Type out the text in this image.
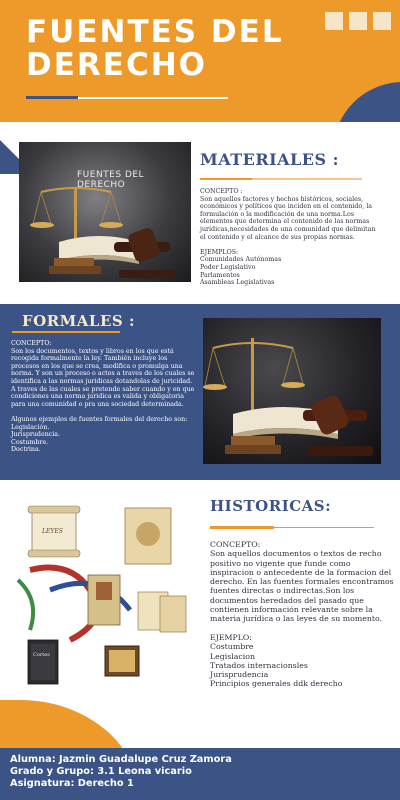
FUENTES DEL
DERECHO
FUENTES DEL DERECHO
MATERIALES :

CONCEPTO :
Son aquellos factores y hechos históricos, sociales, económicos y políticos que inciden en el contenido, la formulación o la modificación de una norma.Los elementos que determina el contenido de las normas jurídicas,necesidades de una comunidad que delimitan el contenido y el alcance de sus propias normas.

EJEMPLOS:
Comunidades Autónomas
Poder Legislativo
Parlamentos
Asambleas Legislativas

FORMALES :

CONCEPTO:
Son los documentos, textos y libros en los que está recogida formalmente la ley. También incluye los procesos en los que se crea, modifica o promulga una norma. Y son un proceso o actos a traves de los cuales se identifica a las normas juridicas dotandolas de juricidad. A traves de las cuales se pretende saber cuando y en que condiciones una norma juridica es valida y obligatoria para una comunidad o pra una sociedad determinada.

Algunos ejemplos de fuentes formales del derecho son:
Legislación.
Jurisprudencia.
Costumbre.
Doctrina.

LEYES
Cortes
HISTORICAS:

CONCEPTO:
Son aquellos documentos o textos de recho positivo no vigente que funde como inspiracion o antecedente de la formacion del derecho. En las fuentes formales encontramos fuentes directas o indirectas.Son los documentos heredados del pasado que contienen información relevante sobre la materia jurídica o las leyes de su momento.

EJEMPLO:
Costumbre
Legislacion
Tratados internacionsles
Jurisprudencia
Principios generales ddk derecho

Alumna: Jazmin Guadalupe Cruz Zamora
Grado y Grupo: 3.1 Leona vicario
Asignatura: Derecho 1
